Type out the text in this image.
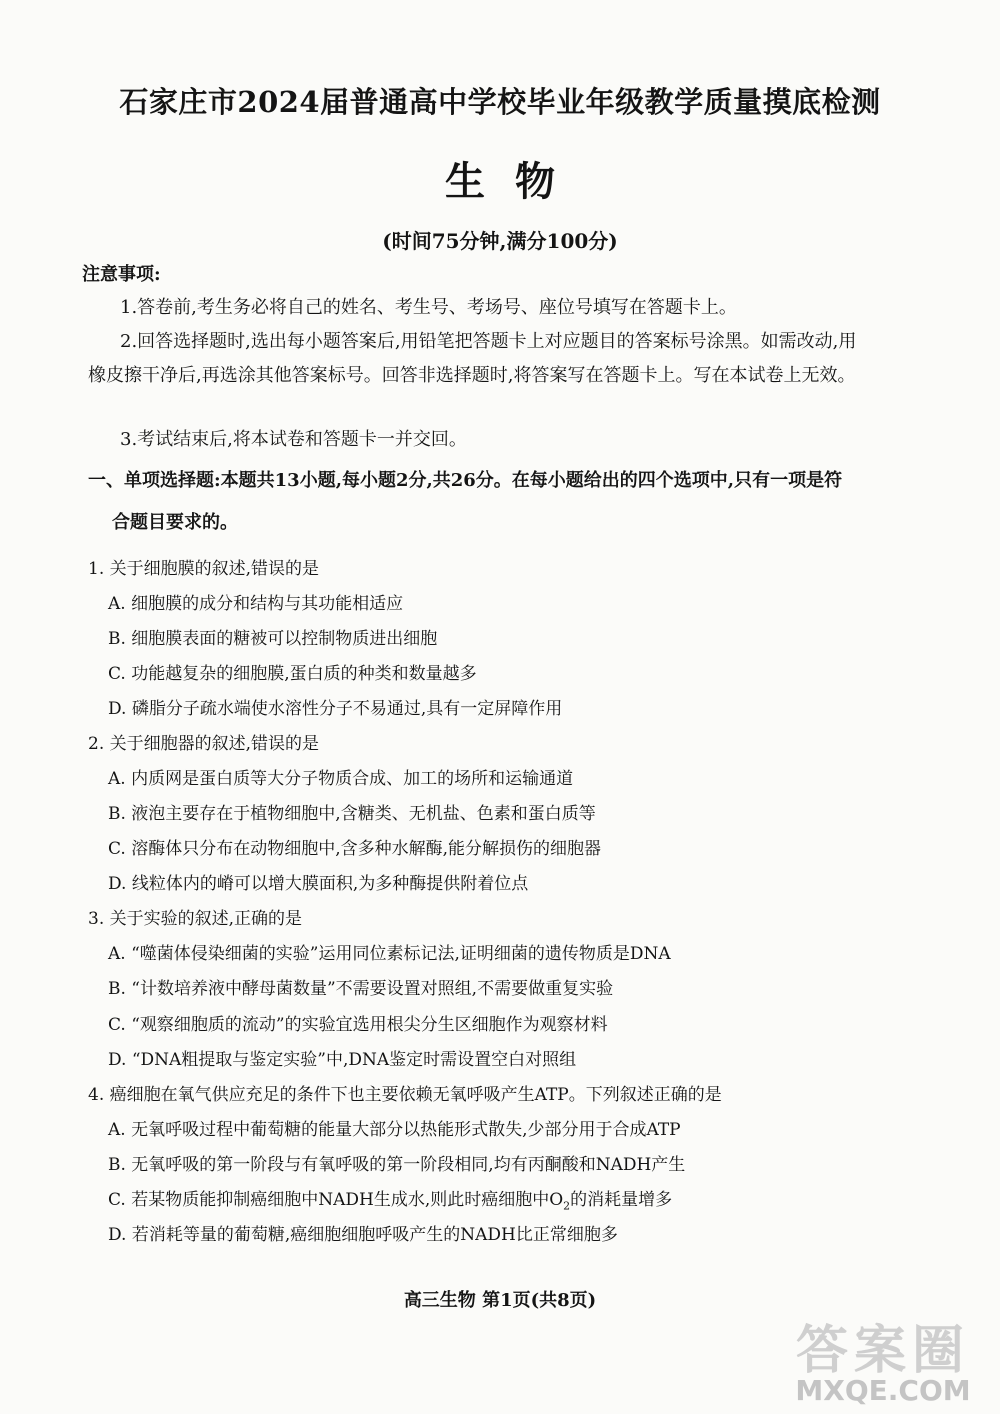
石家庄市2024届普通高中学校毕业年级教学质量摸底检测
生物
(时间75分钟,满分100分)
注意事项:
1.答卷前,考生务必将自己的姓名、考生号、考场号、座位号填写在答题卡上。
2.回答选择题时,选出每小题答案后,用铅笔把答题卡上对应题目的答案标号涂黑。如需改动,用
橡皮擦干净后,再选涂其他答案标号。回答非选择题时,将答案写在答题卡上。写在本试卷上无效。
3.考试结束后,将本试卷和答题卡一并交回。
一、单项选择题:本题共13小题,每小题2分,共26分。在每小题给出的四个选项中,只有一项是符
合题目要求的。
1. 关于细胞膜的叙述,错误的是
A. 细胞膜的成分和结构与其功能相适应
B. 细胞膜表面的糖被可以控制物质进出细胞
C. 功能越复杂的细胞膜,蛋白质的种类和数量越多
D. 磷脂分子疏水端使水溶性分子不易通过,具有一定屏障作用
2. 关于细胞器的叙述,错误的是
A. 内质网是蛋白质等大分子物质合成、加工的场所和运输通道
B. 液泡主要存在于植物细胞中,含糖类、无机盐、色素和蛋白质等
C. 溶酶体只分布在动物细胞中,含多种水解酶,能分解损伤的细胞器
D. 线粒体内的嵴可以增大膜面积,为多种酶提供附着位点
3. 关于实验的叙述,正确的是
A. “噬菌体侵染细菌的实验”运用同位素标记法,证明细菌的遗传物质是DNA
B. “计数培养液中酵母菌数量”不需要设置对照组,不需要做重复实验
C. “观察细胞质的流动”的实验宜选用根尖分生区细胞作为观察材料
D. “DNA粗提取与鉴定实验”中,DNA鉴定时需设置空白对照组
4. 癌细胞在氧气供应充足的条件下也主要依赖无氧呼吸产生ATP。下列叙述正确的是
A. 无氧呼吸过程中葡萄糖的能量大部分以热能形式散失,少部分用于合成ATP
B. 无氧呼吸的第一阶段与有氧呼吸的第一阶段相同,均有丙酮酸和NADH产生
C. 若某物质能抑制癌细胞中NADH生成水,则此时癌细胞中$O_2$的消耗量增多
D. 若消耗等量的葡萄糖,癌细胞细胞呼吸产生的NADH比正常细胞多
高三生物 第1页(共8页)
答案圈
MXQE.COM
